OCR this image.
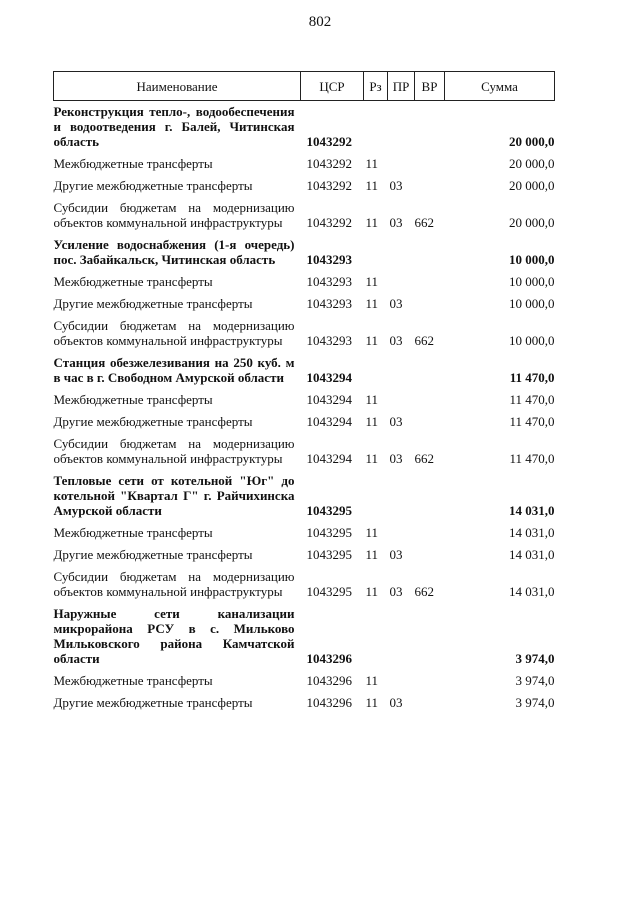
802
Наименование	ЦСР	Рз	ПР	ВР	Сумма
Реконструкция тепло-, водообеспечения и водоотведения г. Балей, Читинская область	1043292				20 000,0
Межбюджетные трансферты	1043292	11			20 000,0
Другие межбюджетные трансферты	1043292	11	03		20 000,0
Субсидии бюджетам на модернизацию объектов коммунальной инфраструктуры	1043292	11	03	662	20 000,0
Усиление водоснабжения (1-я очередь) пос. Забайкальск, Читинская область	1043293				10 000,0
Межбюджетные трансферты	1043293	11			10 000,0
Другие межбюджетные трансферты	1043293	11	03		10 000,0
Субсидии бюджетам на модернизацию объектов коммунальной инфраструктуры	1043293	11	03	662	10 000,0
Станция обезжелезивания на 250 куб. м в час в г. Свободном Амурской области	1043294				11 470,0
Межбюджетные трансферты	1043294	11			11 470,0
Другие межбюджетные трансферты	1043294	11	03		11 470,0
Субсидии бюджетам на модернизацию объектов коммунальной инфраструктуры	1043294	11	03	662	11 470,0
Тепловые сети от котельной "Юг" до котельной "Квартал Г" г. Райчихинска Амурской области	1043295				14 031,0
Межбюджетные трансферты	1043295	11			14 031,0
Другие межбюджетные трансферты	1043295	11	03		14 031,0
Субсидии бюджетам на модернизацию объектов коммунальной инфраструктуры	1043295	11	03	662	14 031,0
Наружные сети канализации микрорайона РСУ в с. Мильково Мильковского района Камчатской области	1043296				3 974,0
Межбюджетные трансферты	1043296	11			3 974,0
Другие межбюджетные трансферты	1043296	11	03		3 974,0
